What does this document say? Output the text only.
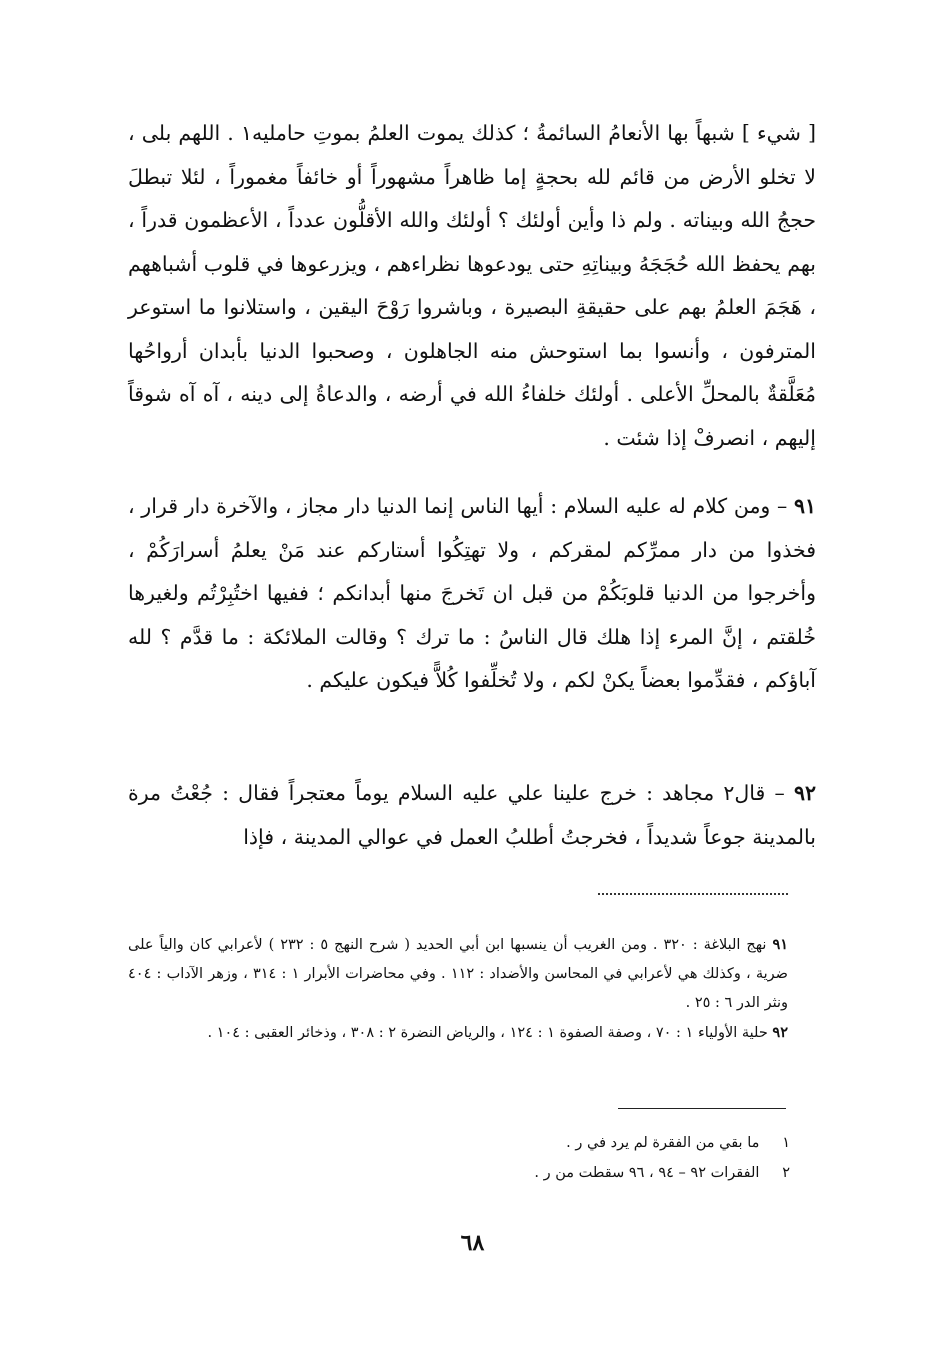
[ شيء ] شبهاً بها الأنعامُ السائمةُ ؛ كذلك يموت العلمُ بموتِ حامليه١ . اللهم بلى ، لا تخلو الأرض من قائم لله بحجةٍ إما ظاهراً مشهوراً أو خائفاً مغموراً ، لئلا تبطلَ حججُ الله وبيناته . ولم ذا وأين أولئك ؟ أولئك والله الأقلُّون عدداً ، الأعظمون قدراً ، بهم يحفظ الله حُجَجَهُ وبيناتِهِ حتى يودعوها نظراءهم ، ويزرعوها في قلوب أشباههم ، هَجَمَ العلمُ بهم على حقيقةِ البصيرة ، وباشروا رَوْحَ اليقين ، واستلانوا ما استوعر المترفون ، وأنسوا بما استوحش منه الجاهلون ، وصحبوا الدنيا بأبدان أرواحُها مُعَلَّقةٌ بالمحلِّ الأعلى . أولئك خلفاءُ الله في أرضه ، والدعاةُ إلى دينه ، آه آه شوقاً إليهم ، انصرفْ إذا شئت .

٩١ – ومن كلام له عليه السلام : أيها الناس إنما الدنيا دار مجاز ، والآخرة دار قرار ، فخذوا من دار ممرِّكم لمقركم ، ولا تهتِكُوا أستاركم عند مَنْ يعلمُ أسرارَكُمْ ، وأخرجوا من الدنيا قلوبَكُمْ من قبل ان تَخرجَ منها أبدانكم ؛ ففيها اختُبِرْتُم ولغيرها خُلقتم ، إنَّ المرء إذا هلك قال الناسُ : ما ترك ؟ وقالت الملائكة : ما قدَّم ؟ لله آباؤكم ، فقدِّموا بعضاً يكنْ لكم ، ولا تُخلِّفوا كُلاًّ فيكون عليكم .

٩٢ – قال٢ مجاهد : خرج علينا علي عليه السلام يوماً معتجراً فقال : جُعْتُ مرة بالمدينة جوعاً شديداً ، فخرجتُ أطلبُ العمل في عوالي المدينة ، فإذا

٩١ نهج البلاغة : ٣٢٠ . ومن الغريب أن ينسبها ابن أبي الحديد ( شرح النهج ٥ : ٢٣٢ ) لأعرابي كان والياً على ضرية ، وكذلك هي لأعرابي في المحاسن والأضداد : ١١٢ . وفي محاضرات الأبرار ١ : ٣١٤ ، وزهر الآداب : ٤٠٤ ونثر الدر ٦ : ٢٥ .
٩٢ حلية الأولياء ١ : ٧٠ ، وصفة الصفوة ١ : ١٢٤ ، والرياض النضرة ٢ : ٣٠٨ ، وذخائر العقبى : ١٠٤ .
١ ما بقي من الفقرة لم يرد في ر .
٢ الفقرات ٩٢ – ٩٤ ، ٩٦ سقطت من ر .
٦٨
